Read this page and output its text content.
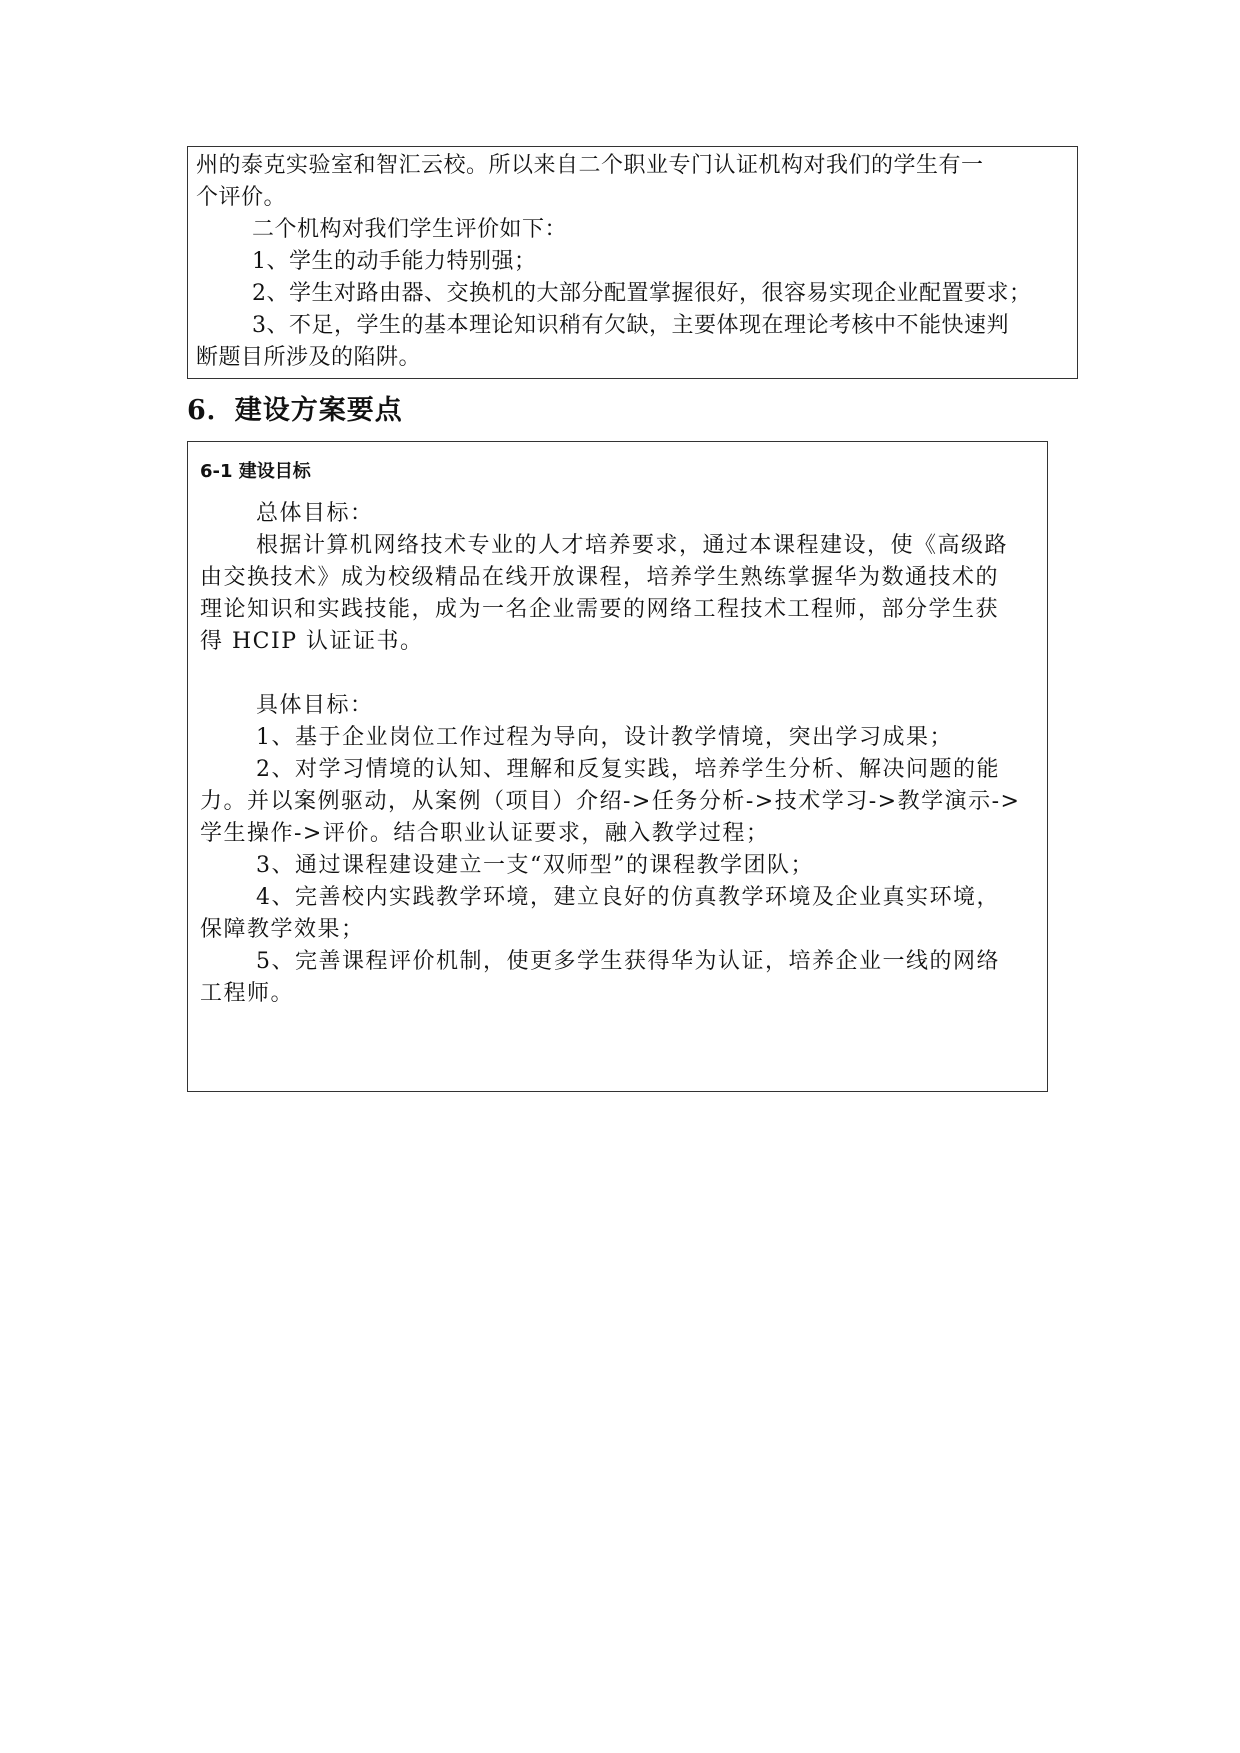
州的泰克实验室和智汇云校。所以来自二个职业专门认证机构对我们的学生有一
个评价。
二个机构对我们学生评价如下：
1、学生的动手能力特别强；
2、学生对路由器、交换机的大部分配置掌握很好，很容易实现企业配置要求；
3、不足，学生的基本理论知识稍有欠缺，主要体现在理论考核中不能快速判
断题目所涉及的陷阱。
6．建设方案要点
6-1 建设目标
总体目标：
根据计算机网络技术专业的人才培养要求，通过本课程建设，使《高级路
由交换技术》成为校级精品在线开放课程，培养学生熟练掌握华为数通技术的
理论知识和实践技能，成为一名企业需要的网络工程技术工程师，部分学生获
得 HCIP 认证证书。
具体目标：
1、基于企业岗位工作过程为导向，设计教学情境，突出学习成果；
2、对学习情境的认知、理解和反复实践，培养学生分析、解决问题的能
力。并以案例驱动，从案例（项目）介绍->任务分析->技术学习->教学演示->
学生操作->评价。结合职业认证要求，融入教学过程；
3、通过课程建设建立一支“双师型”的课程教学团队；
4、完善校内实践教学环境，建立良好的仿真教学环境及企业真实环境，
保障教学效果；
5、完善课程评价机制，使更多学生获得华为认证，培养企业一线的网络
工程师。
